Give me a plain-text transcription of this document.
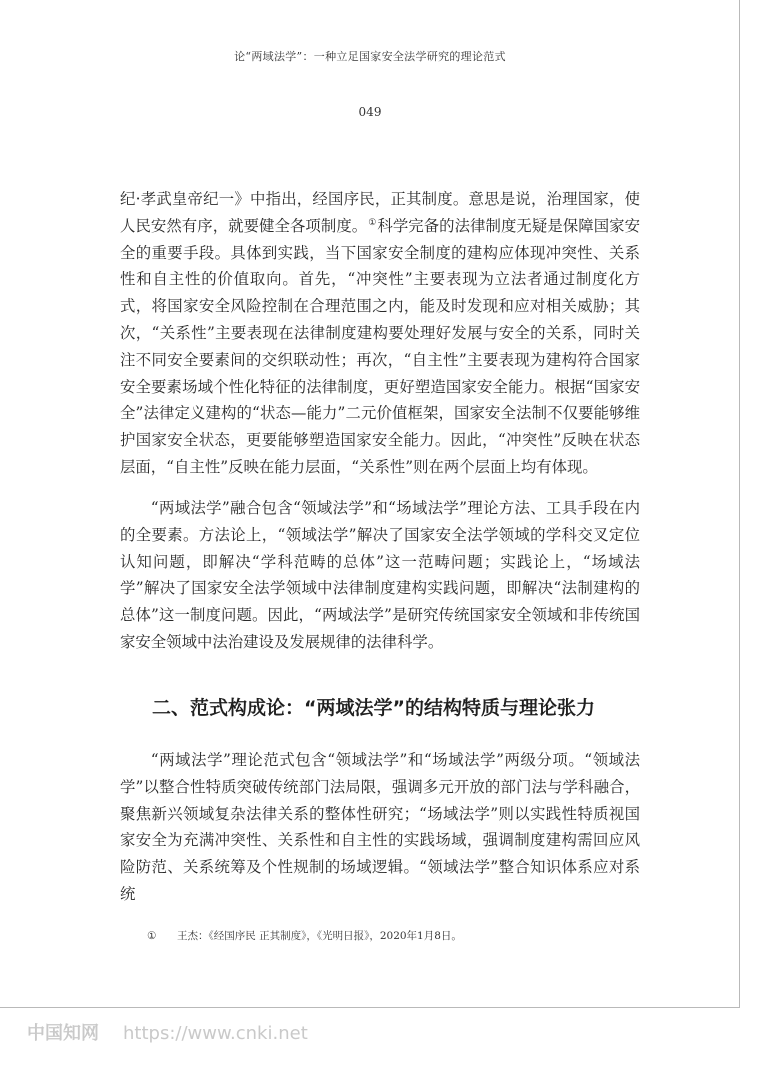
论“两域法学”：一种立足国家安全法学研究的理论范式
049

纪·孝武皇帝纪一》中指出，经国序民，正其制度。意思是说，治理国家，使人民安然有序，就要健全各项制度。①科学完备的法律制度无疑是保障国家安全的重要手段。具体到实践，当下国家安全制度的建构应体现冲突性、关系性和自主性的价值取向。首先，“冲突性”主要表现为立法者通过制度化方式，将国家安全风险控制在合理范围之内，能及时发现和应对相关威胁；其次，“关系性”主要表现在法律制度建构要处理好发展与安全的关系，同时关注不同安全要素间的交织联动性；再次，“自主性”主要表现为建构符合国家安全要素场域个性化特征的法律制度，更好塑造国家安全能力。根据“国家安全”法律定义建构的“状态—能力”二元价值框架，国家安全法制不仅要能够维护国家安全状态，更要能够塑造国家安全能力。因此，“冲突性”反映在状态层面，“自主性”反映在能力层面，“关系性”则在两个层面上均有体现。

“两域法学”融合包含“领域法学”和“场域法学”理论方法、工具手段在内的全要素。方法论上，“领域法学”解决了国家安全法学领域的学科交叉定位认知问题，即解决“学科范畴的总体”这一范畴问题；实践论上，“场域法学”解决了国家安全法学领域中法律制度建构实践问题，即解决“法制建构的总体”这一制度问题。因此，“两域法学”是研究传统国家安全领域和非传统国家安全领域中法治建设及发展规律的法律科学。

二、范式构成论：“两域法学”的结构特质与理论张力

“两域法学”理论范式包含“领域法学”和“场域法学”两级分项。“领域法学”以整合性特质突破传统部门法局限，强调多元开放的部门法与学科融合，聚焦新兴领域复杂法律关系的整体性研究；“场域法学”则以实践性特质视国家安全为充满冲突性、关系性和自主性的实践场域，强调制度建构需回应风险防范、关系统筹及个性规制的场域逻辑。“领域法学”整合知识体系应对系统

① 王杰：《经国序民 正其制度》，《光明日报》，2020年1月8日。
中国知网 https://www.cnki.net
